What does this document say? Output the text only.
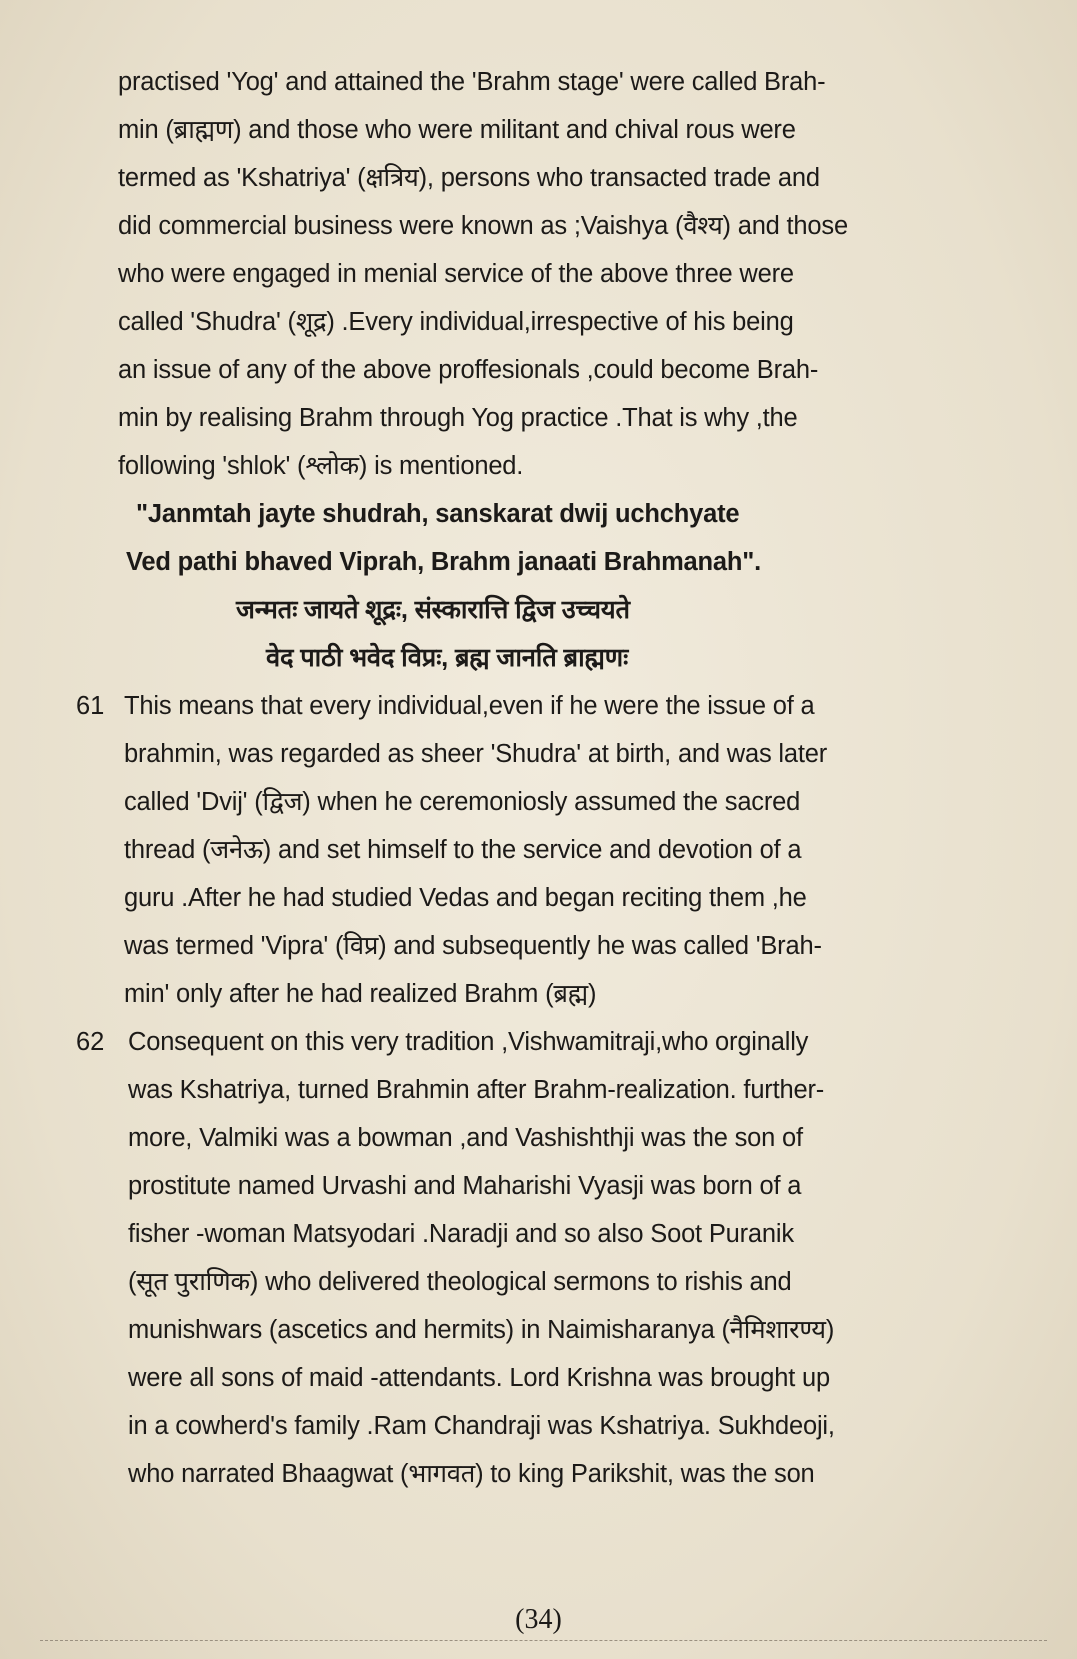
practised 'Yog' and attained the 'Brahm stage' were called Brah-
min (ब्राह्मण) and those who were militant and chival rous were
termed as 'Kshatriya' (क्षत्रिय), persons who transacted trade and
did commercial business were known as ;Vaishya (वैश्य) and those
who were engaged in menial service of the above three were
called 'Shudra' (शूद्र) .Every individual,irrespective of his being
an issue of any of the above proffesionals ,could become Brah-
min by realising Brahm through Yog practice .That is why ,the
following 'shlok' (श्लोक) is mentioned.
"Janmtah jayte shudrah, sanskarat dwij uchchyate
Ved pathi bhaved Viprah, Brahm janaati Brahmanah".
जन्मतः जायते शूद्रः, संस्कारात्ति द्विज उच्चयते
वेद पाठी भवेद विप्रः, ब्रह्म जानति ब्राह्मणः
61 This means that every individual,even if he were the issue of a
brahmin, was regarded as sheer 'Shudra' at birth, and was later
called 'Dvij' (द्विज) when he ceremoniosly assumed the sacred
thread (जनेऊ) and set himself to the service and devotion of a
guru .After he had studied Vedas and began reciting them ,he
was termed 'Vipra' (विप्र) and subsequently he was called 'Brah-
min' only after he had realized Brahm (ब्रह्म)
62 Consequent on this very tradition ,Vishwamitraji,who orginally
was Kshatriya, turned Brahmin after Brahm-realization. further-
more, Valmiki was a bowman ,and Vashishthji was the son of
prostitute named Urvashi and Maharishi Vyasji was born of a
fisher -woman Matsyodari .Naradji and so also Soot Puranik
(सूत पुराणिक) who delivered theological sermons to rishis and
munishwars (ascetics and hermits) in Naimisharanya (नैमिशारण्य)
were all sons of maid -attendants. Lord Krishna was brought up
in a cowherd's family .Ram Chandraji was Kshatriya. Sukhdeoji,
who narrated Bhaagwat (भागवत) to king Parikshit, was the son
(34)
